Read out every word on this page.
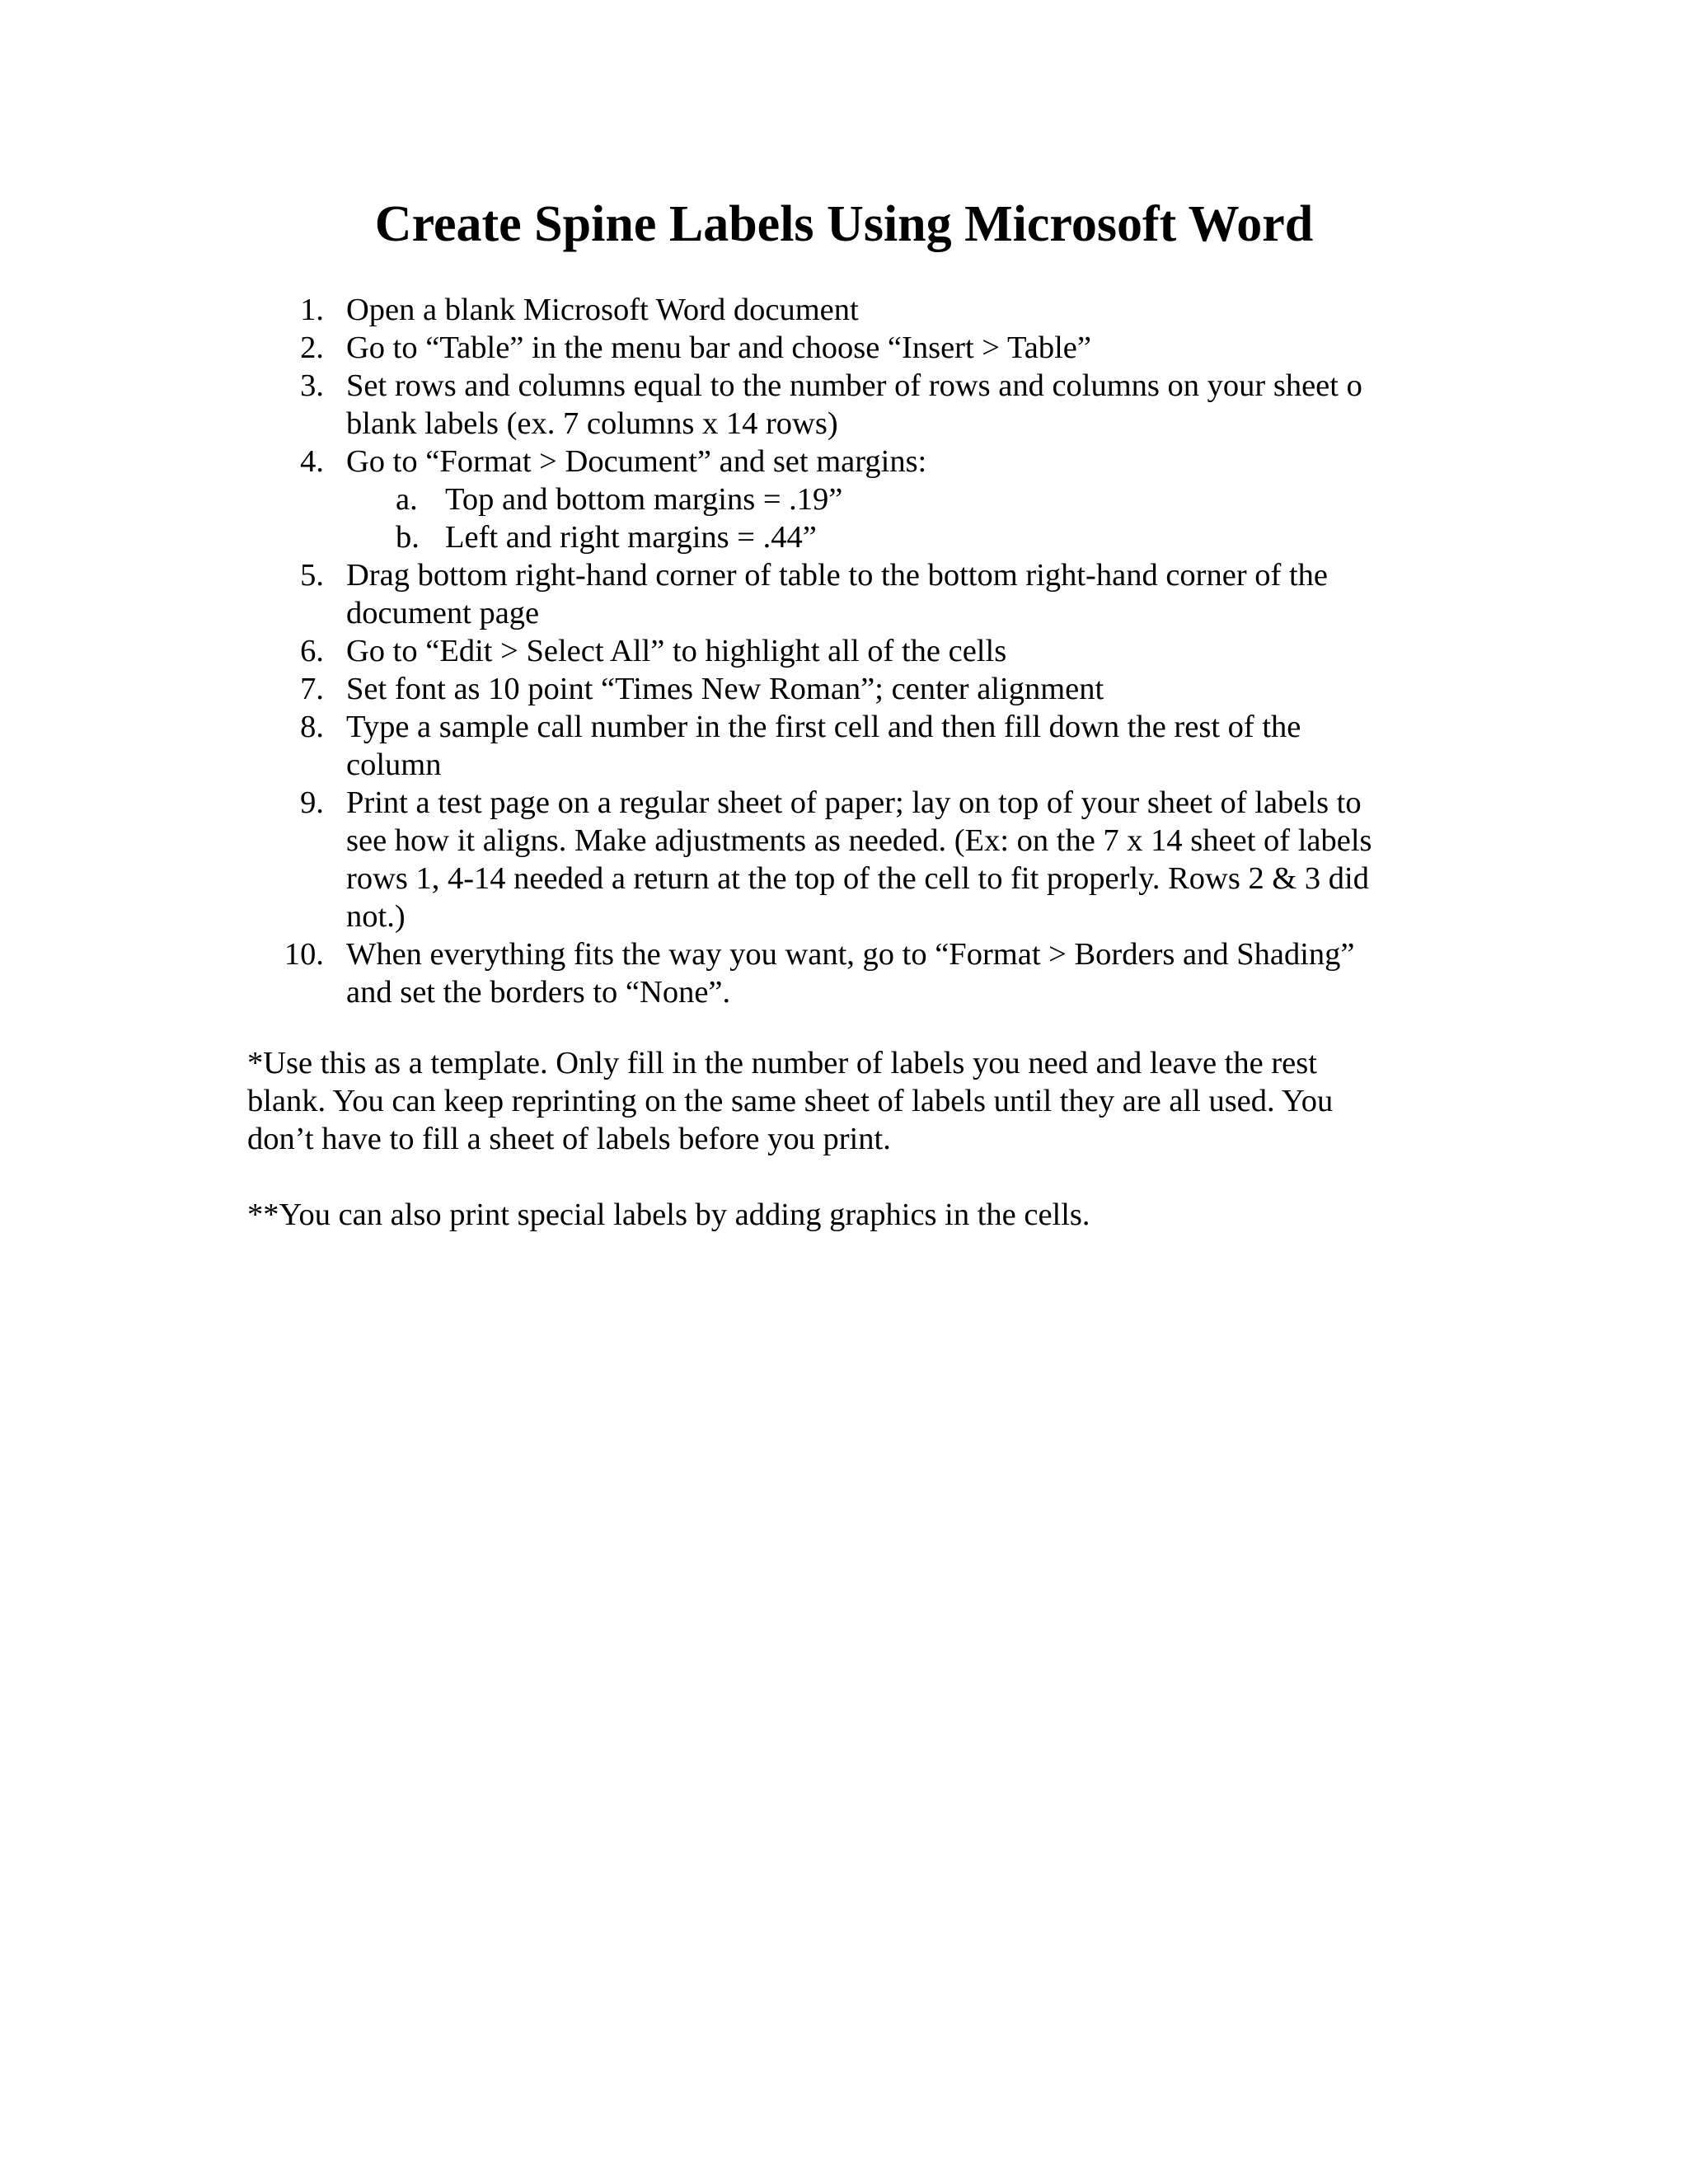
Create Spine Labels Using Microsoft Word
1. Open a blank Microsoft Word document
2. Go to “Table” in the menu bar and choose “Insert > Table”
3. Set rows and columns equal to the number of rows and columns on your sheet o
blank labels (ex. 7 columns x 14 rows)
4. Go to “Format > Document” and set margins:
a. Top and bottom margins = .19”
b. Left and right margins = .44”
5. Drag bottom right-hand corner of table to the bottom right-hand corner of the
document page
6. Go to “Edit > Select All” to highlight all of the cells
7. Set font as 10 point “Times New Roman”; center alignment
8. Type a sample call number in the first cell and then fill down the rest of the
column
9. Print a test page on a regular sheet of paper; lay on top of your sheet of labels to
see how it aligns. Make adjustments as needed. (Ex: on the 7 x 14 sheet of labels
rows 1, 4-14 needed a return at the top of the cell to fit properly. Rows 2 & 3 did
not.)
10. When everything fits the way you want, go to “Format > Borders and Shading”
and set the borders to “None”.
*Use this as a template. Only fill in the number of labels you need and leave the rest
blank. You can keep reprinting on the same sheet of labels until they are all used. You
don’t have to fill a sheet of labels before you print.
**You can also print special labels by adding graphics in the cells.
